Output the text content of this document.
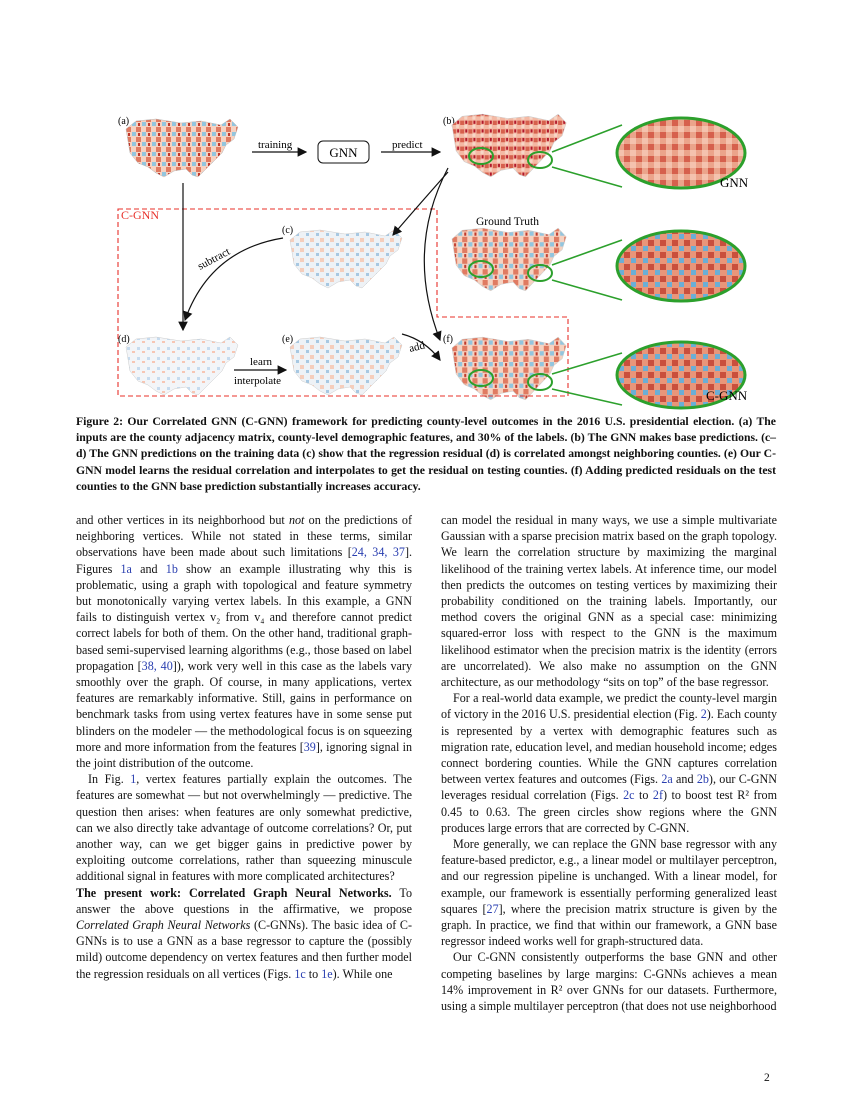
(a)	(b)
(c)
(d)	(e)	(f)
training	GNN	predict
C-GNN
subtract
learn
interpolate
add
Ground Truth
GNN
C-GNN
Figure 2: Our Correlated GNN (C-GNN) framework for predicting county-level outcomes in the 2016 U.S. presidential election. (a) The inputs are the county adjacency matrix, county-level demographic features, and 30% of the labels. (b) The GNN makes base predictions. (c–d) The GNN predictions on the training data (c) show that the regression residual (d) is correlated amongst neighboring counties. (e) Our C-GNN model learns the residual correlation and interpolates to get the residual on testing counties. (f) Adding predicted residuals on the test counties to the GNN base prediction substantially increases accuracy.

and other vertices in its neighborhood but not on the predictions of neighboring vertices. While not stated in these terms, similar observations have been made about such limitations [24, 34, 37]. Figures 1a and 1b show an example illustrating why this is problematic, using a graph with topological and feature symmetry but monotonically varying vertex labels. In this example, a GNN fails to distinguish vertex v₂ from v₄ and therefore cannot predict correct labels for both of them. On the other hand, traditional graph-based semi-supervised learning algorithms (e.g., those based on label propagation [38, 40]), work very well in this case as the labels vary smoothly over the graph. Of course, in many applications, vertex features are remarkably informative. Still, gains in performance on benchmark tasks from using vertex features have in some sense put blinders on the modeler — the methodological focus is on squeezing more and more information from the features [39], ignoring signal in the joint distribution of the outcome.

In Fig. 1, vertex features partially explain the outcomes. The features are somewhat — but not overwhelmingly — predictive. The question then arises: when features are only somewhat predictive, can we also directly take advantage of outcome correlations? Or, put another way, can we get bigger gains in predictive power by exploiting outcome correlations, rather than squeezing minuscule additional signal in features with more complicated architectures?

The present work: Correlated Graph Neural Networks. To answer the above questions in the affirmative, we propose Correlated Graph Neural Networks (C-GNNs). The basic idea of C-GNNs is to use a GNN as a base regressor to capture the (possibly mild) outcome dependency on vertex features and then further model the regression residuals on all vertices (Figs. 1c to 1e). While one

can model the residual in many ways, we use a simple multivariate Gaussian with a sparse precision matrix based on the graph topology. We learn the correlation structure by maximizing the marginal likelihood of the training vertex labels. At inference time, our model then predicts the outcomes on testing vertices by maximizing their probability conditioned on the training labels. Importantly, our method covers the original GNN as a special case: minimizing squared-error loss with respect to the GNN is the maximum likelihood estimator when the precision matrix is the identity (errors are uncorrelated). We also make no assumption on the GNN architecture, as our methodology “sits on top” of the base regressor.

For a real-world data example, we predict the county-level margin of victory in the 2016 U.S. presidential election (Fig. 2). Each county is represented by a vertex with demographic features such as migration rate, education level, and median household income; edges connect bordering counties. While the GNN captures correlation between vertex features and outcomes (Figs. 2a and 2b), our C-GNN leverages residual correlation (Figs. 2c to 2f) to boost test R² from 0.45 to 0.63. The green circles show regions where the GNN produces large errors that are corrected by C-GNN.

More generally, we can replace the GNN base regressor with any feature-based predictor, e.g., a linear model or multilayer perceptron, and our regression pipeline is unchanged. With a linear model, for example, our framework is essentially performing generalized least squares [27], where the precision matrix structure is given by the graph. In practice, we find that within our framework, a GNN base regressor indeed works well for graph-structured data.

Our C-GNN consistently outperforms the base GNN and other competing baselines by large margins: C-GNNs achieves a mean 14% improvement in R² over GNNs for our datasets. Furthermore, using a simple multilayer perceptron (that does not use neighborhood

2
